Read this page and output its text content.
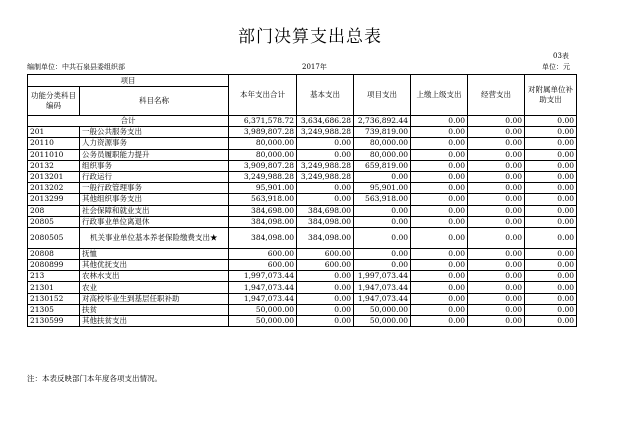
部门决算支出总表
03表
编制单位：中共石泉县委组织部	2017年	单位：元
项目		本年支出合计	基本支出	项目支出	上缴上级支出	经营支出	对附属单位补助支出
功能分类科目编码	科目名称						
合计		6,371,578.72	3,634,686.28	2,736,892.44	0.00	0.00	0.00
201	一般公共服务支出	3,989,807.28	3,249,988.28	739,819.00	0.00	0.00	0.00
20110	人力资源事务	80,000.00	0.00	80,000.00	0.00	0.00	0.00
2011010	公务员履职能力提升	80,000.00	0.00	80,000.00	0.00	0.00	0.00
20132	组织事务	3,909,807.28	3,249,988.28	659,819.00	0.00	0.00	0.00
2013201	行政运行	3,249,988.28	3,249,988.28	0.00	0.00	0.00	0.00
2013202	一般行政管理事务	95,901.00	0.00	95,901.00	0.00	0.00	0.00
2013299	其他组织事务支出	563,918.00	0.00	563,918.00	0.00	0.00	0.00
208	社会保障和就业支出	384,698.00	384,698.00	0.00	0.00	0.00	0.00
20805	行政事业单位离退休	384,098.00	384,098.00	0.00	0.00	0.00	0.00
2080505	机关事业单位基本养老保险缴费支出★	384,098.00	384,098.00	0.00	0.00	0.00	0.00
20808	抚恤	600.00	600.00	0.00	0.00	0.00	0.00
2080899	其他优抚支出	600.00	600.00	0.00	0.00	0.00	0.00
213	农林水支出	1,997,073.44	0.00	1,997,073.44	0.00	0.00	0.00
21301	农业	1,947,073.44	0.00	1,947,073.44	0.00	0.00	0.00
2130152	对高校毕业生到基层任职补助	1,947,073.44	0.00	1,947,073.44	0.00	0.00	0.00
21305	扶贫	50,000.00	0.00	50,000.00	0.00	0.00	0.00
2130599	其他扶贫支出	50,000.00	0.00	50,000.00	0.00	0.00	0.00
注：本表反映部门本年度各项支出情况。
